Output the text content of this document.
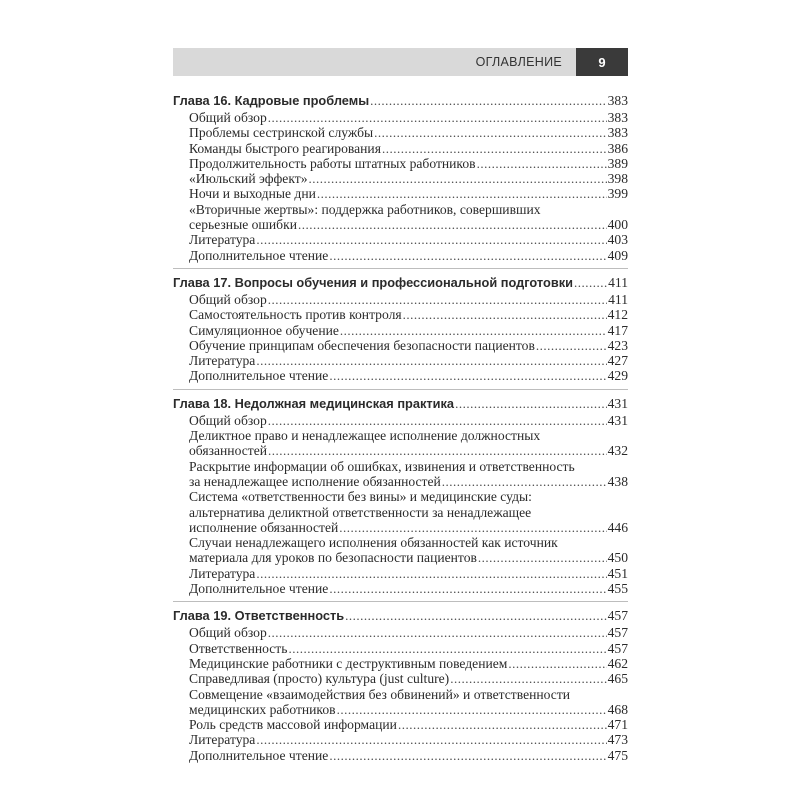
ОГЛАВЛЕНИЕ	9
Глава 16. Кадровые проблемы .....	383
Общий обзор .....	383
Проблемы сестринской службы .....	383
Команды быстрого реагирования .....	386
Продолжительность работы штатных работников .....	389
«Июльский эффект» .....	398
Ночи и выходные дни .....	399
«Вторичные жертвы»: поддержка работников, совершивших
серьезные ошибки .....	400
Литература .....	403
Дополнительное чтение .....	409
Глава 17. Вопросы обучения и профессиональной подготовки .....	411
Общий обзор .....	411
Самостоятельность против контроля .....	412
Симуляционное обучение .....	417
Обучение принципам обеспечения безопасности пациентов .....	423
Литература .....	427
Дополнительное чтение .....	429
Глава 18. Недолжная медицинская практика .....	431
Общий обзор .....	431
Деликтное право и ненадлежащее исполнение должностных
обязанностей .....	432
Раскрытие информации об ошибках, извинения и ответственность
за ненадлежащее исполнение обязанностей .....	438
Система «ответственности без вины» и медицинские суды:
альтернатива деликтной ответственности за ненадлежащее
исполнение обязанностей .....	446
Случаи ненадлежащего исполнения обязанностей как источник
материала для уроков по безопасности пациентов .....	450
Литература .....	451
Дополнительное чтение .....	455
Глава 19. Ответственность .....	457
Общий обзор .....	457
Ответственность .....	457
Медицинские работники с деструктивным поведением .....	462
Справедливая (просто) культура (just culture) .....	465
Совмещение «взаимодействия без обвинений» и ответственности
медицинских работников .....	468
Роль средств массовой информации .....	471
Литература .....	473
Дополнительное чтение .....	475
